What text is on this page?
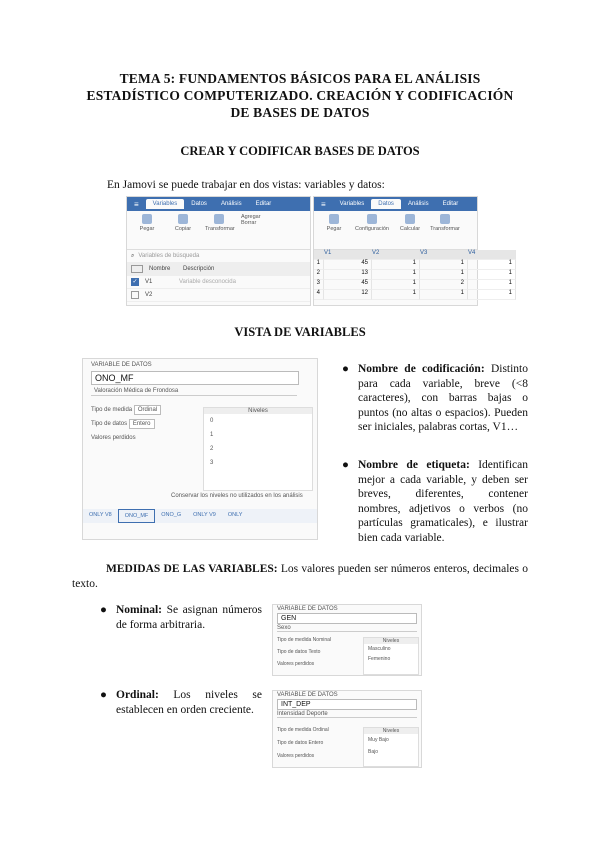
TEMA 5: FUNDAMENTOS BÁSICOS PARA EL ANÁLISIS
ESTADÍSTICO COMPUTERIZADO. CREACIÓN Y CODIFICACIÓN
DE BASES DE DATOS
CREAR Y CODIFICAR BASES DE DATOS
En Jamovi se puede trabajar en dos vistas: variables y datos:
≡	Variables	Datos	Análisis	Editar
Pegar	Copiar	Transformar
Agregar
Borrar
⌕ Variables de búsqueda
Nombre	Descripción
✓ V1	Variable desconocida
V2
≡	Variables	Datos	Análisis	Editar
Pegar	Configuración	Calcular	Transformar
V1	V2	V3	V4
1	45	1	1	1
2	13	1	1	1
3	45	1	2	1
4	12	1	1	1
VISTA DE VARIABLES
VARIABLE DE DATOS
ONO_MF
Valoración Médica de Frondosa
Tipo de medida Ordinal
Tipo de datos Entero
Valores perdidos
Niveles
0
1
2
3
Conservar los niveles no utilizados en los análisis
ONLY V8	ONO_MF	ONO_G	ONLY V9	ONLY
● Nombre de codificación: Distinto para cada variable, breve (<8 caracteres), con barras bajas o puntos (no altas o espacios). Pueden ser iniciales, palabras cortas, V1…
● Nombre de etiqueta: Identifican mejor a cada variable, y deben ser breves, diferentes, contener nombres, adjetivos o verbos (no partículas gramaticales), e ilustrar bien cada variable.
MEDIDAS DE LAS VARIABLES: Los valores pueden ser números enteros, decimales o texto.
● Nominal: Se asignan números de forma arbitraria.
VARIABLE DE DATOS
GEN
Sexo
Tipo de medida Nominal
Tipo de datos Texto
Valores perdidos
Niveles
Masculino
Femenino
● Ordinal: Los niveles se establecen en orden creciente.
VARIABLE DE DATOS
INT_DEP
Intensidad Deporte
Tipo de medida Ordinal
Tipo de datos Entero
Valores perdidos
Niveles
Muy Bajo
Bajo
